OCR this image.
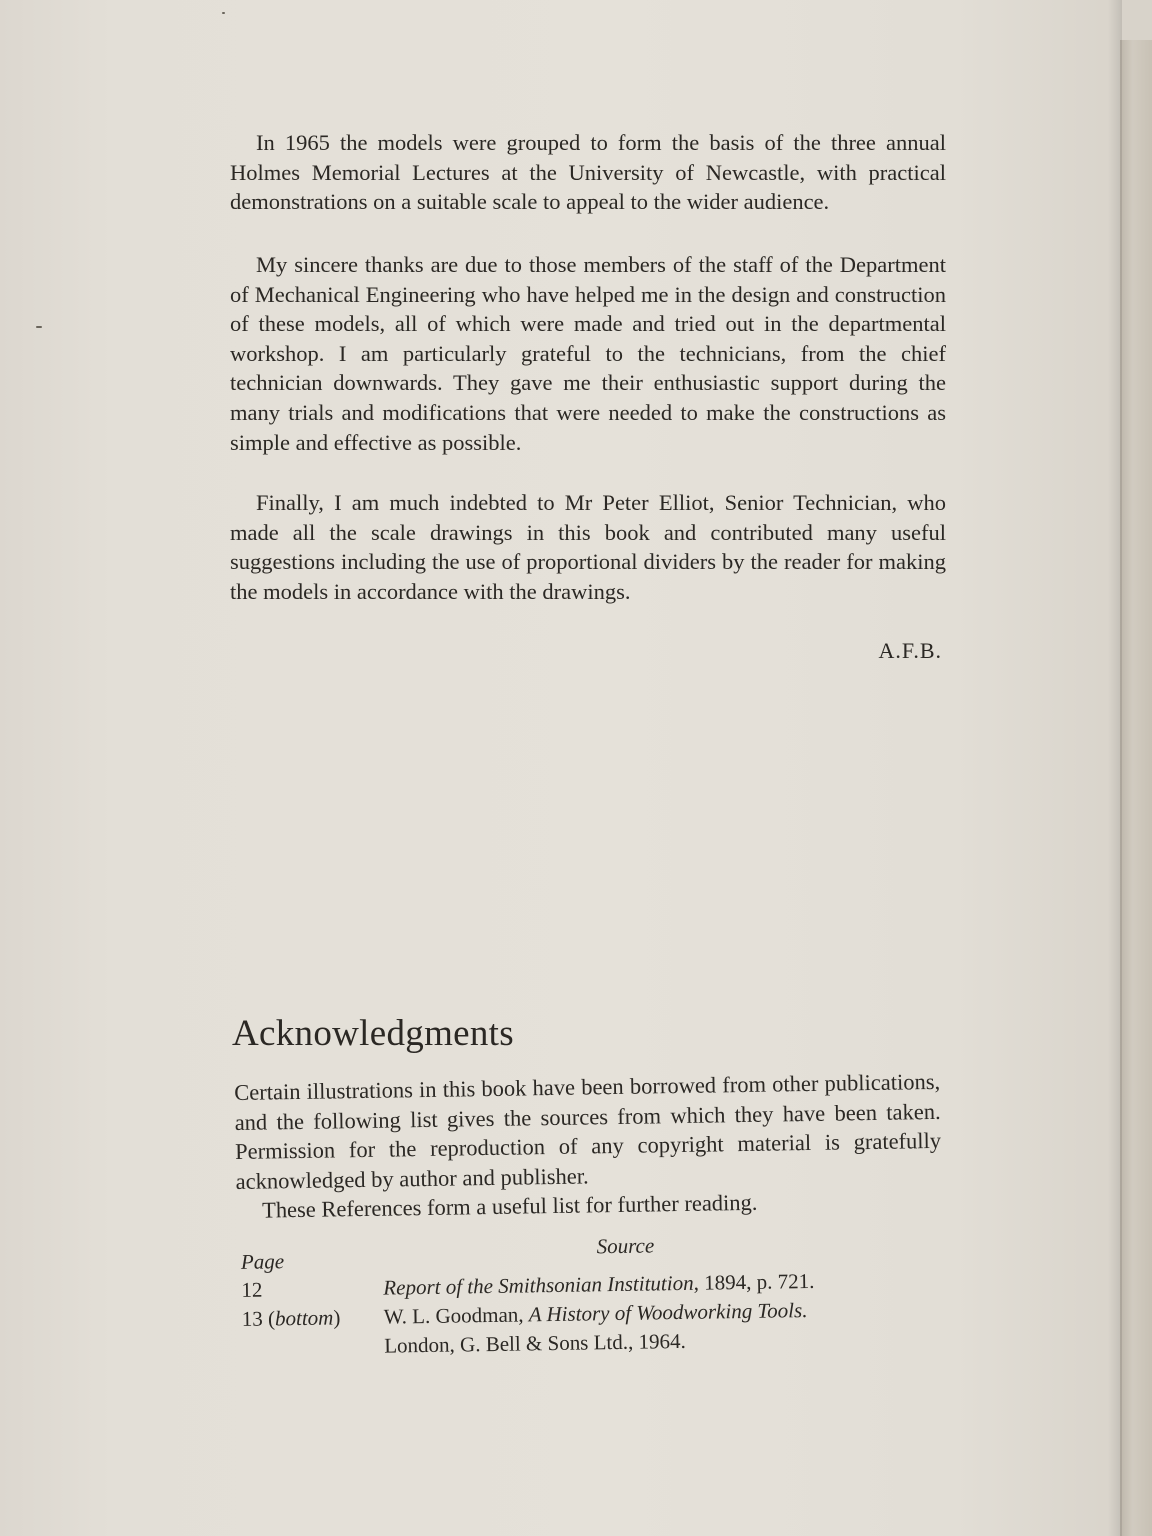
In 1965 the models were grouped to form the basis of the three annual Holmes Memorial Lectures at the University of Newcastle, with practical demonstrations on a suitable scale to appeal to the wider audience.

My sincere thanks are due to those members of the staff of the Department of Mechanical Engineering who have helped me in the design and construction of these models, all of which were made and tried out in the departmental workshop. I am particularly grateful to the technicians, from the chief technician downwards. They gave me their enthusiastic support during the many trials and modifications that were needed to make the constructions as simple and effective as possible.

Finally, I am much indebted to Mr Peter Elliot, Senior Technician, who made all the scale drawings in this book and contributed many useful suggestions including the use of proportional dividers by the reader for making the models in accordance with the drawings.

A.F.B.
Acknowledgments

Certain illustrations in this book have been borrowed from other publications, and the following list gives the sources from which they have been taken. Permission for the reproduction of any copyright material is gratefully acknowledged by author and publisher.

These References form a useful list for further reading.

Page
Source
12	Report of the Smithsonian Institution, 1894, p. 721.
13 (bottom) W. L. Goodman, A History of Woodworking Tools.
London, G. Bell & Sons Ltd., 1964.
